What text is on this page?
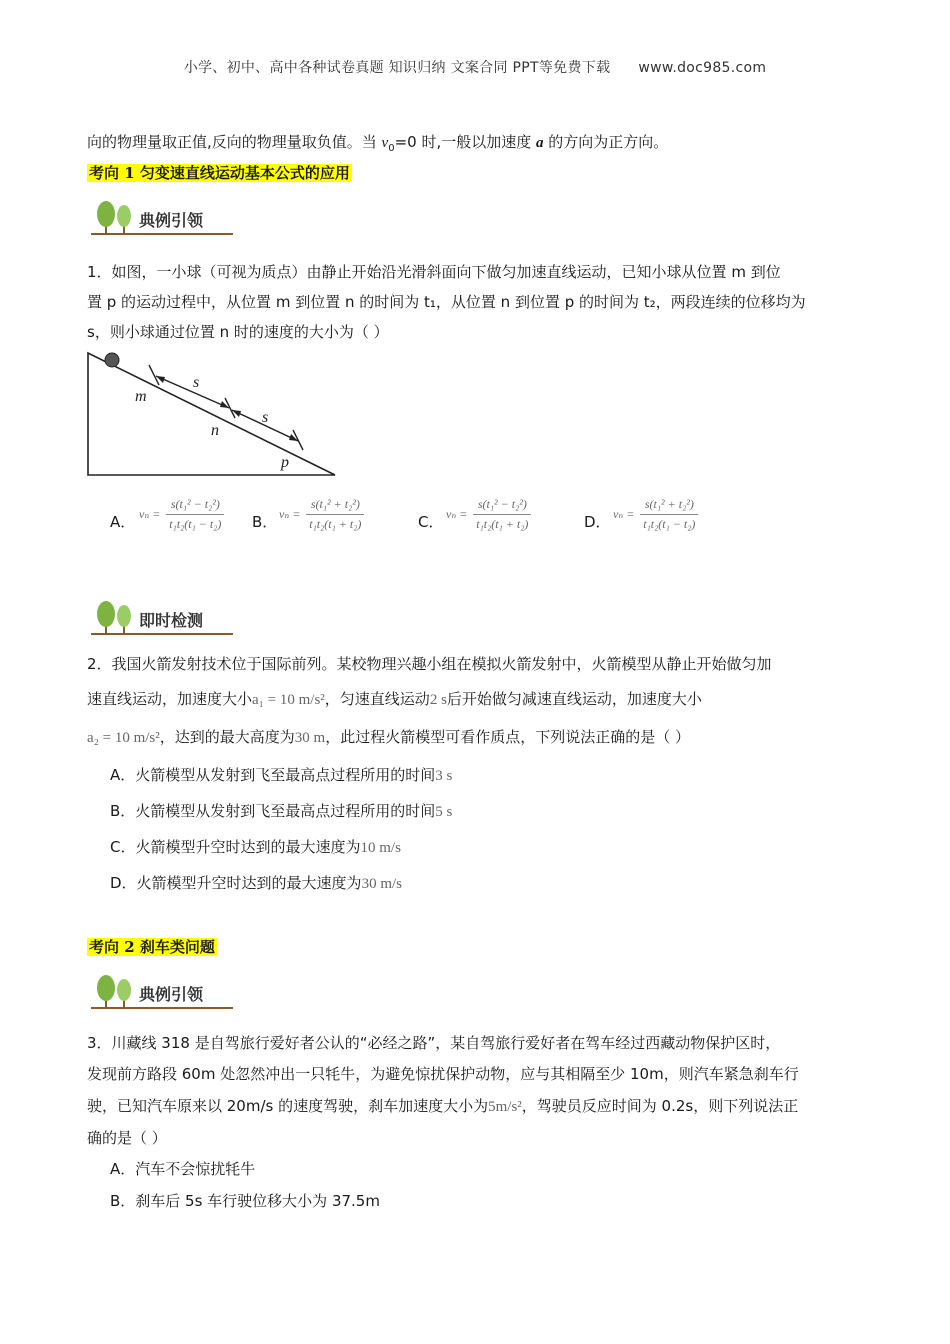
小学、初中、高中各种试卷真题 知识归纳 文案合同 PPT等免费下载 www.doc985.com
向的物理量取正值,反向的物理量取负值。当 $v_0=0$ 时,一般以加速度 a 的方向为正方向。
考向 1 匀变速直线运动基本公式的应用
典例引领
1．如图，一小球（可视为质点）由静止开始沿光滑斜面向下做匀加速直线运动，已知小球从位置 m 到位
置 p 的运动过程中，从位置 m 到位置 n 的时间为 t₁，从位置 n 到位置 p 的时间为 t₂，两段连续的位移均为
s，则小球通过位置 n 时的速度的大小为（ ）
s
s
m
n
p
A． $v_n = \frac{\text{s(t₁² − t₂²)}}{\text{t₁t₂(t₁ − t₂)}}$ B． $v_n = \frac{\text{s(t₁² + t₂²)}}{\text{t₁t₂(t₁ + t₂)}}$	C． $v_n = \frac{\text{s(t₁² − t₂²)}}{\text{t₁t₂(t₁ + t₂)}}$	D． $v_n = \frac{\text{s(t₁² + t₂²)}}{\text{t₁t₂(t₁ − t₂)}}$
即时检测
2．我国火箭发射技术位于国际前列。某校物理兴趣小组在模拟火箭发射中，火箭模型从静止开始做匀加
速直线运动，加速度大小a₁ = 10 m/s²，匀速直线运动2 s后开始做匀减速直线运动，加速度大小
a₂ = 10 m/s²，达到的最大高度为30 m，此过程火箭模型可看作质点，下列说法正确的是（ ）
A．火箭模型从发射到飞至最高点过程所用的时间3 s
B．火箭模型从发射到飞至最高点过程所用的时间5 s
C．火箭模型升空时达到的最大速度为10 m/s
D．火箭模型升空时达到的最大速度为30 m/s
考向 2 刹车类问题
典例引领
3．川藏线 318 是自驾旅行爱好者公认的“必经之路”，某自驾旅行爱好者在驾车经过西藏动物保护区时，
发现前方路段 60m 处忽然冲出一只牦牛，为避免惊扰保护动物，应与其相隔至少 10m，则汽车紧急刹车行
驶，已知汽车原来以 20m/s 的速度驾驶，刹车加速度大小为5m/s²，驾驶员反应时间为 0.2s，则下列说法正
确的是（ ）
A．汽车不会惊扰牦牛
B．刹车后 5s 车行驶位移大小为 37.5m
